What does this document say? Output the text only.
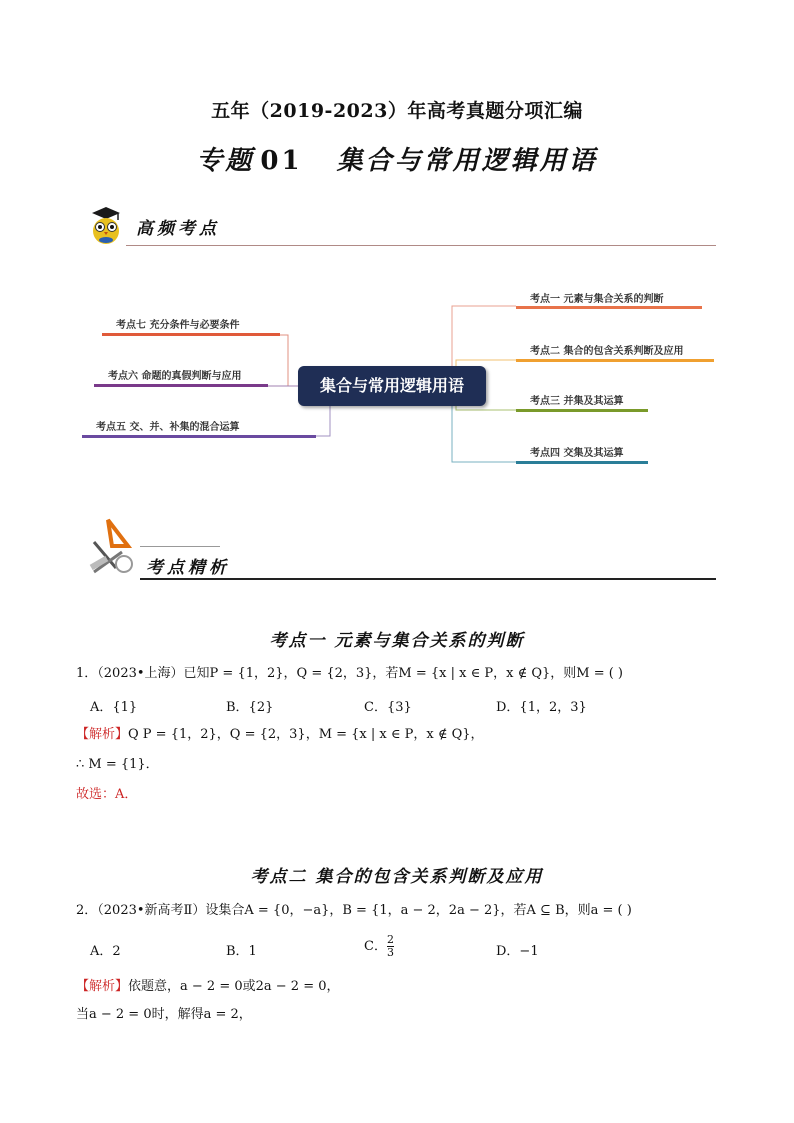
五年（2019-2023）年高考真题分项汇编
专题 01 集合与常用逻辑用语
高频考点
集合与常用逻辑用语
考点一 元素与集合关系的判断
考点二 集合的包含关系判断及应用
考点三 并集及其运算
考点四 交集及其运算
考点七 充分条件与必要条件
考点六 命题的真假判断与应用
考点五 交、并、补集的混合运算
考点精析
考点一 元素与集合关系的判断
1．（2023•上海）已知P = {1，2}，Q = {2，3}，若M = {x | x ∈ P，x ∉ Q}，则M = ( )
A．{1}	B．{2}	C．{3}	D．{1，2，3}
【解析】Q P = {1，2}，Q = {2，3}，M = {x | x ∈ P，x ∉ Q}，
∴ M = {1}．
故选：A．
考点二 集合的包含关系判断及应用
2．（2023•新高考Ⅱ）设集合A = {0，−a}，B = {1，a − 2，2a − 2}，若A ⊆ B，则a = ( )
A．2	B．1	C． $\frac{2}{3}$	D．−1
【解析】依题意，a − 2 = 0或2a − 2 = 0，
当a − 2 = 0时，解得a = 2，
